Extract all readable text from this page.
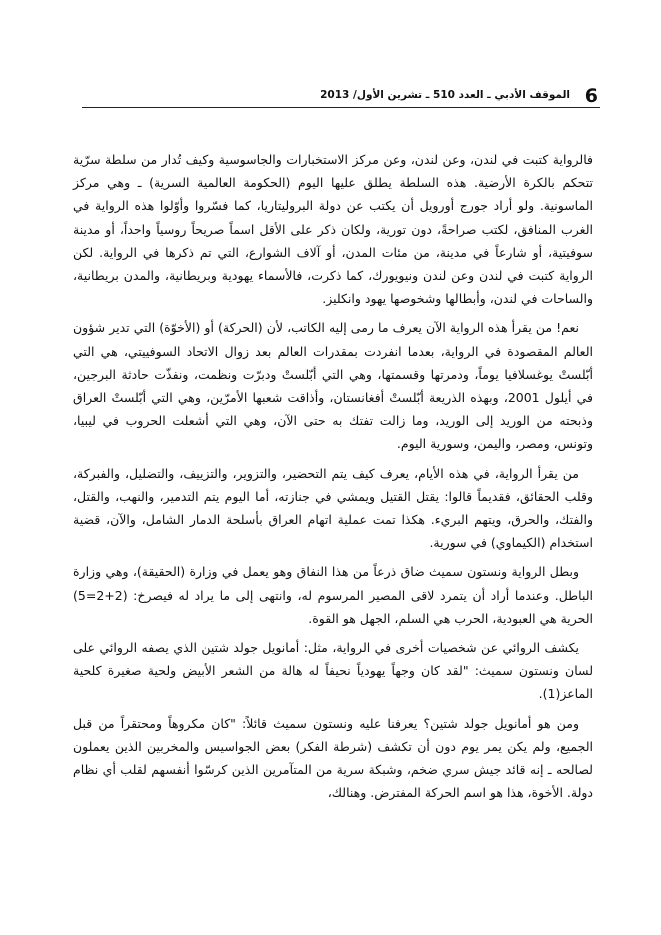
6
الموقف الأدبي ـ العدد 510 ـ تشرين الأول/ 2013

فالرواية كتبت في لندن، وعن لندن، وعن مركز الاستخبارات والجاسوسية وكيف تُدار من سلطة سرّية تتحكم بالكرة الأرضية. هذه السلطة يطلق عليها اليوم (الحكومة العالمية السرية) ـ وهي مركز الماسونية. ولو أراد جورج أورويل أن يكتب عن دولة البروليتاريا، كما فسّروا وأوّلوا هذه الرواية في الغرب المنافق، لكتب صراحةً، دون تورية، ولكان ذكر على الأقل اسماً صريحاً روسياً واحداً، أو مدينة سوفيتية، أو شارعاً في مدينة، من مئات المدن، أو آلاف الشوارع، التي تم ذكرها في الرواية. لكن الرواية كتبت في لندن وعن لندن ونيويورك، كما ذكرت، فالأسماء يهودية وبريطانية، والمدن بريطانية، والساحات في لندن، وأبطالها وشخوصها يهود وانكليز.

نعم! من يقرأ هذه الرواية الآن يعرف ما رمى إليه الكاتب، لأن (الحركة) أو (الأخوّة) التي تدير شؤون العالم المقصودة في الرواية، بعدما انفردت بمقدرات العالم بعد زوال الاتحاد السوفييتي، هي التي أبّلستْ يوغسلافيا يوماً، ودمرتها وقسمتها، وهي التي أبّلستْ ودبرّت ونظمت، ونفذّت حادثة البرجين، في أيلول 2001، وبهذه الذريعة أبّلستْ أفغانستان، وأذاقت شعبها الأمرّين، وهي التي أبّلستْ العراق وذبحته من الوريد إلى الوريد، وما زالت تفتك به حتى الآن، وهي التي أشعلت الحروب في ليبيا، وتونس، ومصر، واليمن، وسورية اليوم.

من يقرأ الرواية، في هذه الأيام، يعرف كيف يتم التحضير، والتزوير، والتزييف، والتضليل، والفبركة، وقلب الحقائق، فقديماً قالوا: يقتل القتيل ويمشي في جنازته، أما اليوم يتم التدمير، والنهب، والقتل، والفتك، والحرق، ويتهم البريء. هكذا تمت عملية اتهام العراق بأسلحة الدمار الشامل، والآن، قضية استخدام (الكيماوي) في سورية.

وبطل الرواية ونستون سميث ضاق ذرعاً من هذا النفاق وهو يعمل في وزارة (الحقيقة)، وهي وزارة الباطل. وعندما أراد أن يتمرد لاقى المصير المرسوم له، وانتهى إلى ما يراد له فيصرخ: (2+2=5) الحرية هي العبودية، الحرب هي السلم، الجهل هو القوة.

يكشف الروائي عن شخصيات أخرى في الرواية، مثل: أمانويل جولد شتين الذي يصفه الروائي على لسان ونستون سميث: "لقد كان وجهاً يهودياً نحيفاً له هالة من الشعر الأبيض ولحية صغيرة كلحية الماعز(1).

ومن هو أمانويل جولد شتين؟ يعرفنا عليه ونستون سميث قائلاً: "كان مكروهاً ومحتقراً من قبل الجميع، ولم يكن يمر يوم دون أن تكشف (شرطة الفكر) بعض الجواسيس والمخربين الذين يعملون لصالحه ـ إنه قائد جيش سري ضخم، وشبكة سرية من المتآمرين الذين كرسّوا أنفسهم لقلب أي نظام دولة. الأخوة، هذا هو اسم الحركة المفترض. وهنالك،
